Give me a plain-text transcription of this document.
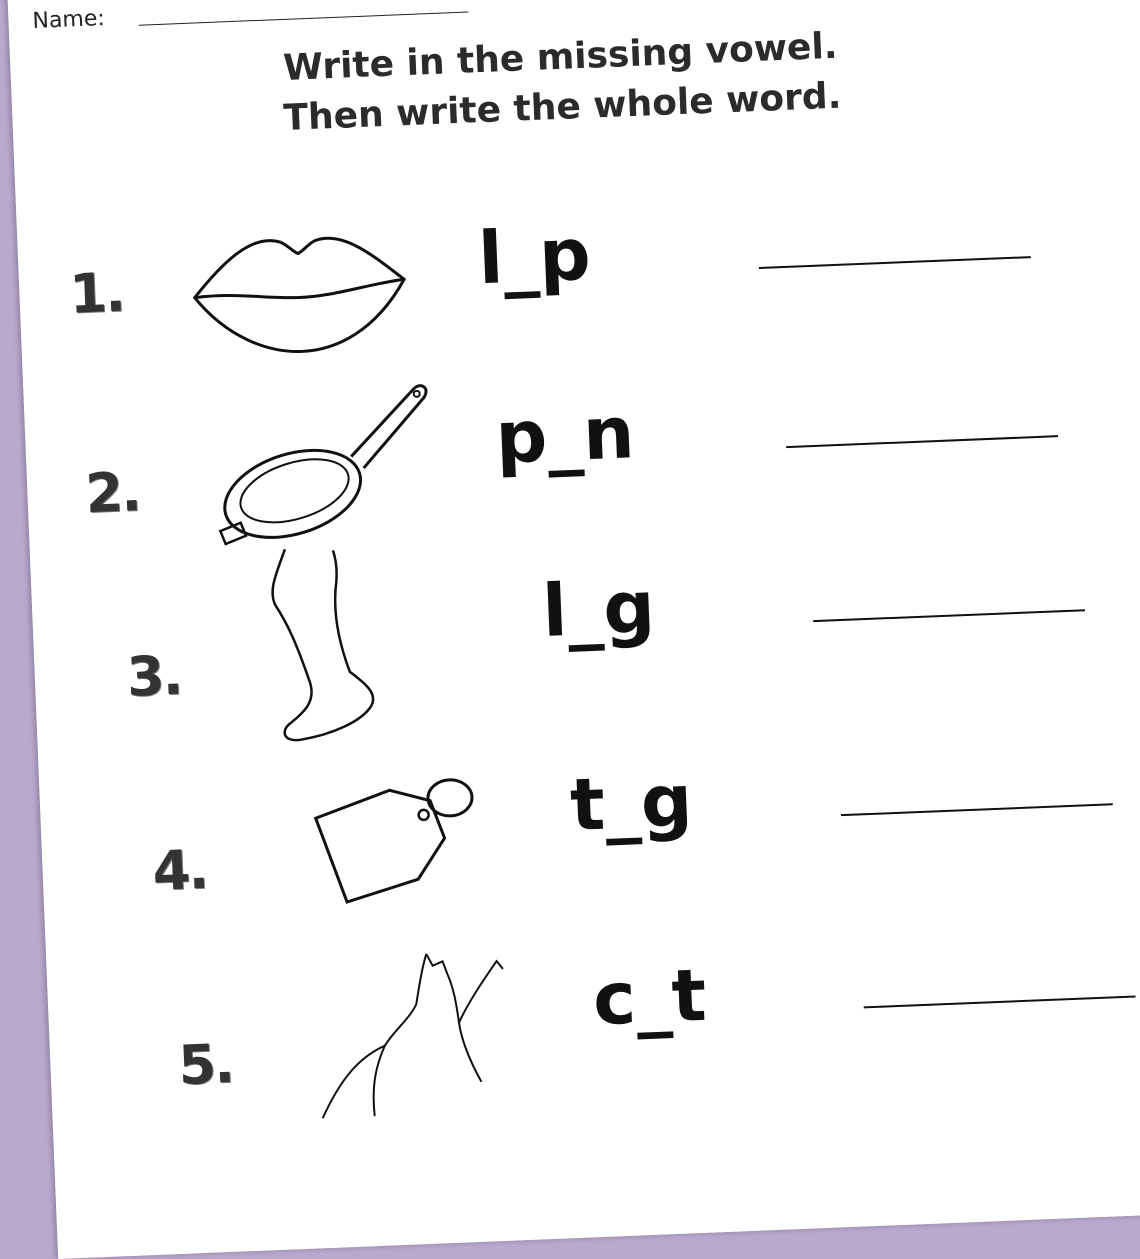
Name:
Write in the missing vowel.
Then write the whole word.
1.	l_p
2.
p_n
3.
l_g
4.
t_g
5.
c_t
